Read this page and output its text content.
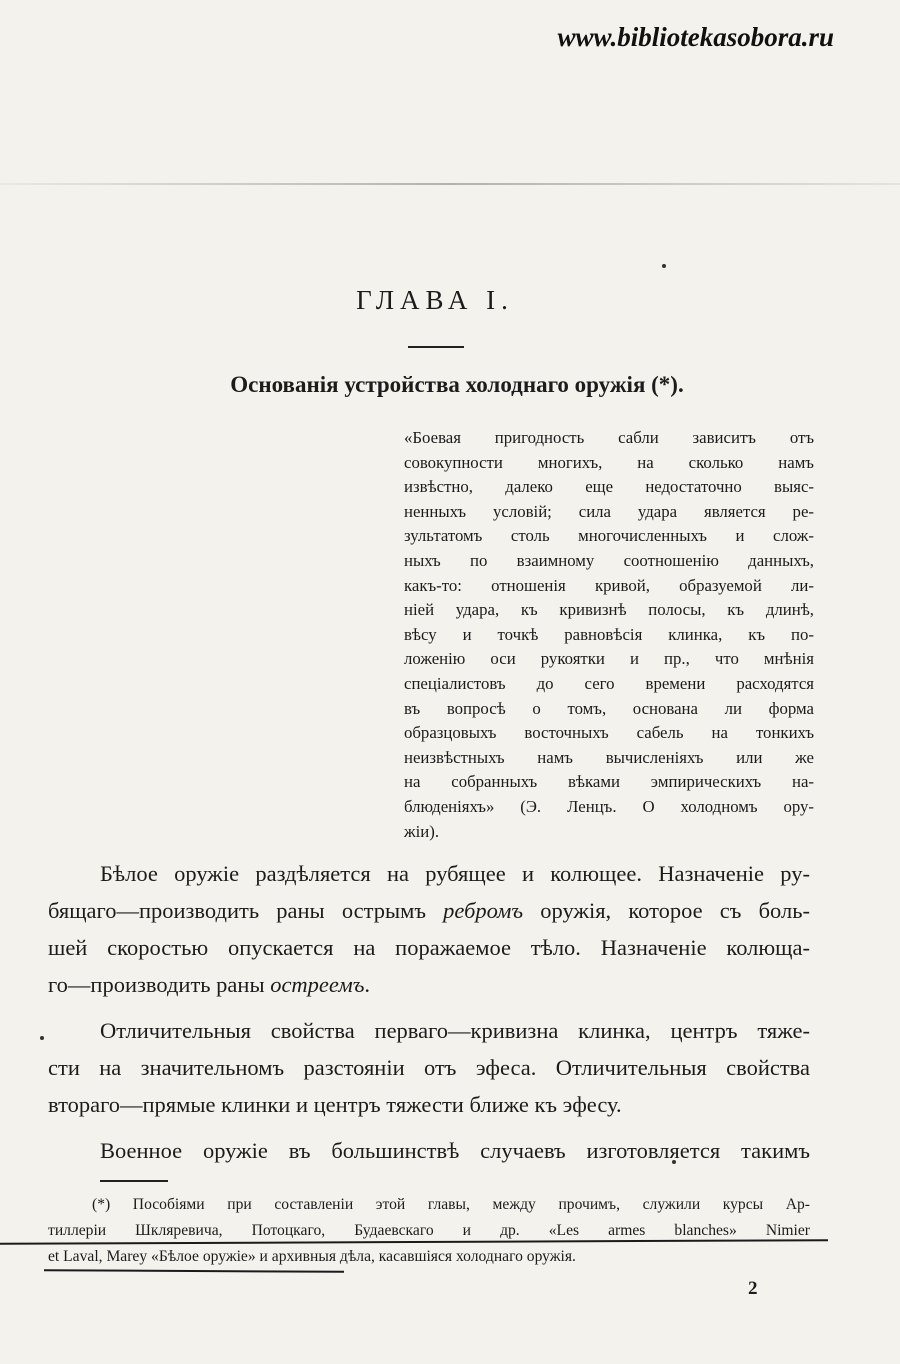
www.bibliotekasobora.ru
ГЛАВА I.
Основанія устройства холоднаго оружія (*).
«Боевая пригодность сабли зависитъ отъ
совокупности многихъ, на сколько намъ
извѣстно, далеко еще недостаточно выяс-
ненныхъ условій; сила удара является ре-
зультатомъ столь многочисленныхъ и слож-
ныхъ по взаимному соотношенію данныхъ,
какъ-то: отношенія кривой, образуемой ли-
ніей удара, къ кривизнѣ полосы, къ длинѣ,
вѣсу и точкѣ равновѣсія клинка, къ по-
ложенію оси рукоятки и пр., что мнѣнія
спеціалистовъ до сего времени расходятся
въ вопросѣ о томъ, основана ли форма
образцовыхъ восточныхъ сабель на тонкихъ
неизвѣстныхъ намъ вычисленіяхъ или же
на собранныхъ вѣками эмпирическихъ на-
блюденіяхъ» (Э. Ленцъ. О холодномъ ору-
жіи).
Бѣлое оружіе раздѣляется на рубящее и колющее. Назначеніе ру-
бящаго—производить раны острымъ ребромъ оружія, которое съ боль-
шей скоростью опускается на поражаемое тѣло. Назначеніе колюща-
го—производить раны остреемъ.
Отличительныя свойства перваго—кривизна клинка, центръ тяже-
сти на значительномъ разстояніи отъ эфеса. Отличительныя свойства
втораго—прямые клинки и центръ тяжести ближе къ эфесу.
Военное оружіе въ большинствѣ случаевъ изготовляется такимъ
(*) Пособіями при составленіи этой главы, между прочимъ, служили курсы Ар-
тиллеріи Шкляревича, Потоцкаго, Будаевскаго и др. «Les armes blanches» Nimier
et Laval, Marey «Бѣлое оружіе» и архивныя дѣла, касавшіяся холоднаго оружія.
2
